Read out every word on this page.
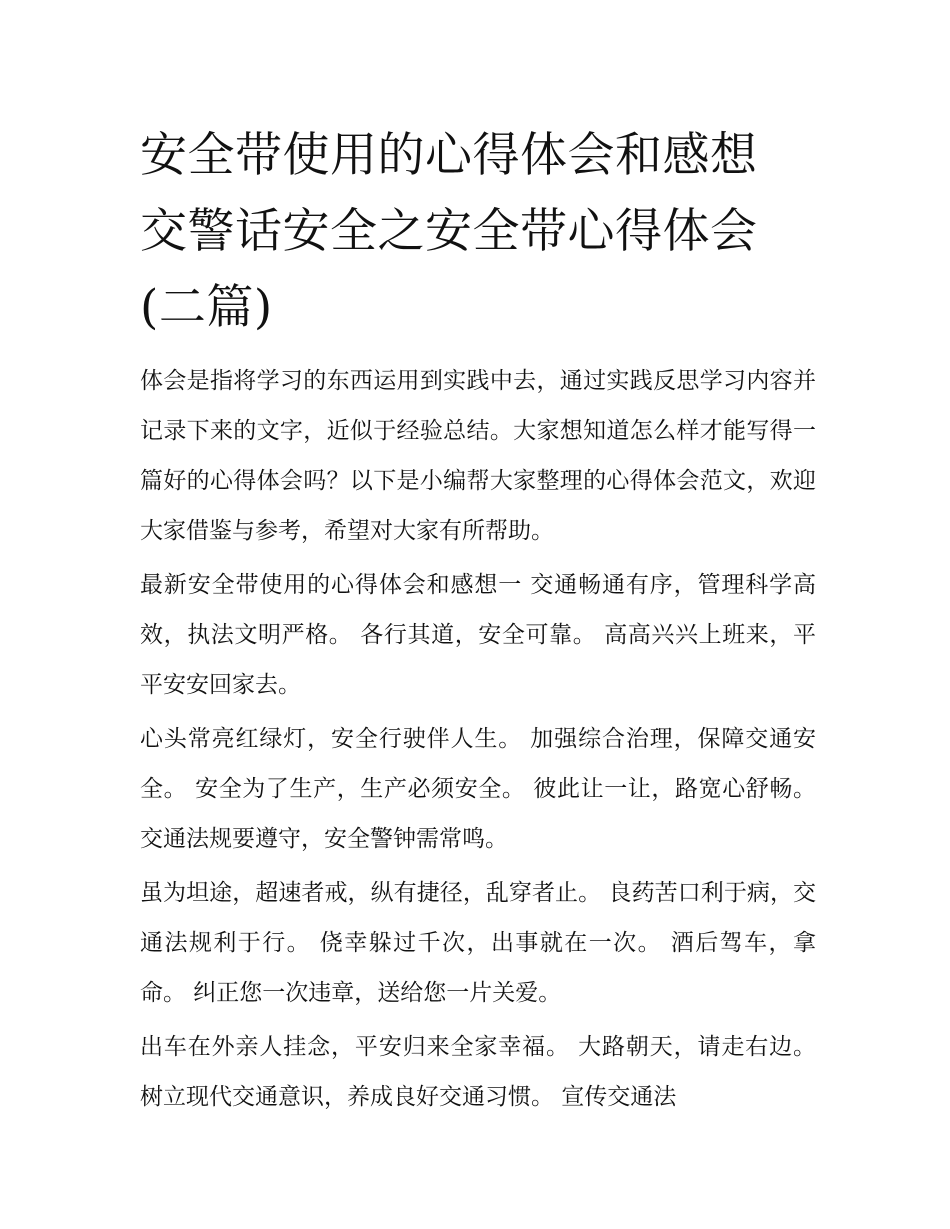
安全带使用的心得体会和感想
交警话安全之安全带心得体会
(二篇)

体会是指将学习的东西运用到实践中去，通过实践反思学习内容并记录下来的文字，近似于经验总结。大家想知道怎么样才能写得一篇好的心得体会吗？以下是小编帮大家整理的心得体会范文，欢迎大家借鉴与参考，希望对大家有所帮助。

最新安全带使用的心得体会和感想一 交通畅通有序，管理科学高效，执法文明严格。 各行其道，安全可靠。 高高兴兴上班来，平平安安回家去。

心头常亮红绿灯，安全行驶伴人生。 加强综合治理，保障交通安全。 安全为了生产，生产必须安全。 彼此让一让，路宽心舒畅。 交通法规要遵守，安全警钟需常鸣。

虽为坦途，超速者戒，纵有捷径，乱穿者止。 良药苦口利于病，交通法规利于行。 侥幸躲过千次，出事就在一次。 酒后驾车，拿命。 纠正您一次违章，送给您一片关爱。

出车在外亲人挂念，平安归来全家幸福。 大路朝天，请走右边。 树立现代交通意识，养成良好交通习惯。 宣传交通法
